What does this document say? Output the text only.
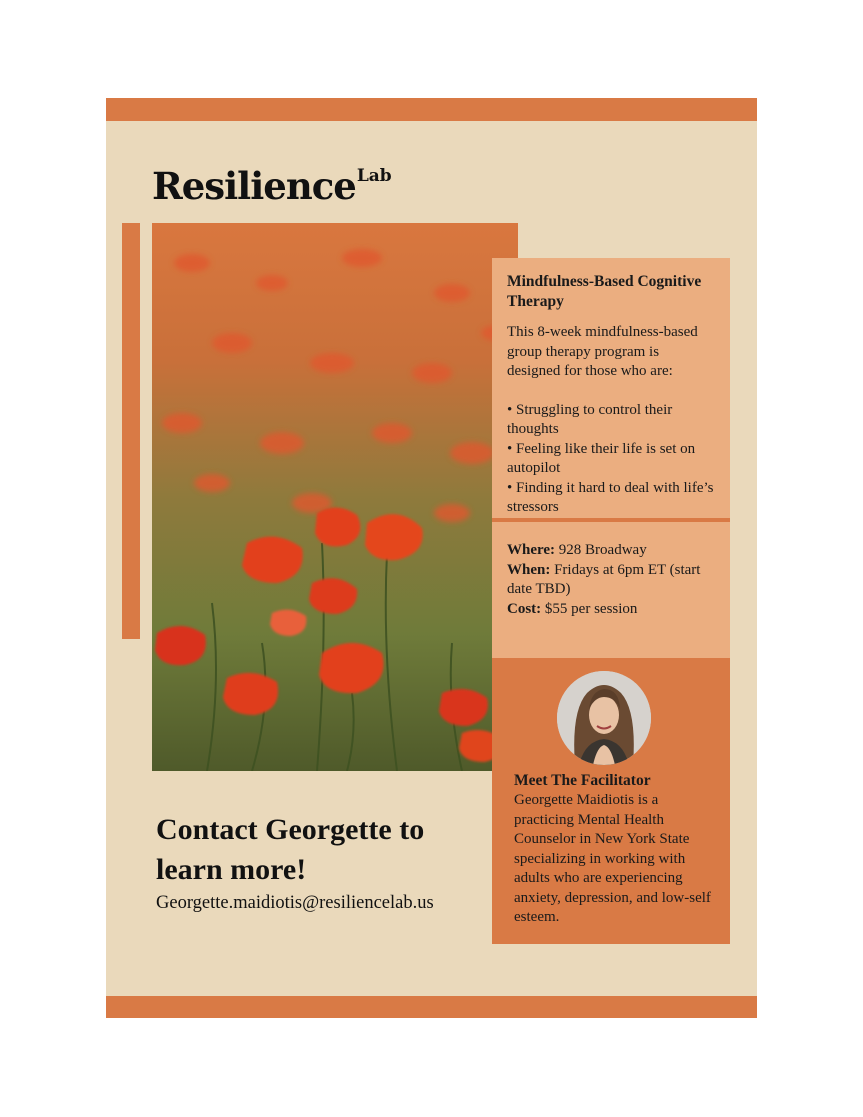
Resilience$^{Lab}$
Mindfulness-Based Cognitive Therapy
This 8-week mindfulness-based group therapy program is designed for those who are:
• Struggling to control their thoughts
• Feeling like their life is set on autopilot
• Finding it hard to deal with life’s stressors
Where: 928 Broadway
When: Fridays at 6pm ET (start date TBD)
Cost: $55 per session
Meet The Facilitator
Georgette Maidiotis is a practicing Mental Health Counselor in New York State specializing in working with adults who are experiencing anxiety, depression, and low-self esteem.
Contact Georgette to learn more!
Georgette.maidiotis@resiliencelab.us
